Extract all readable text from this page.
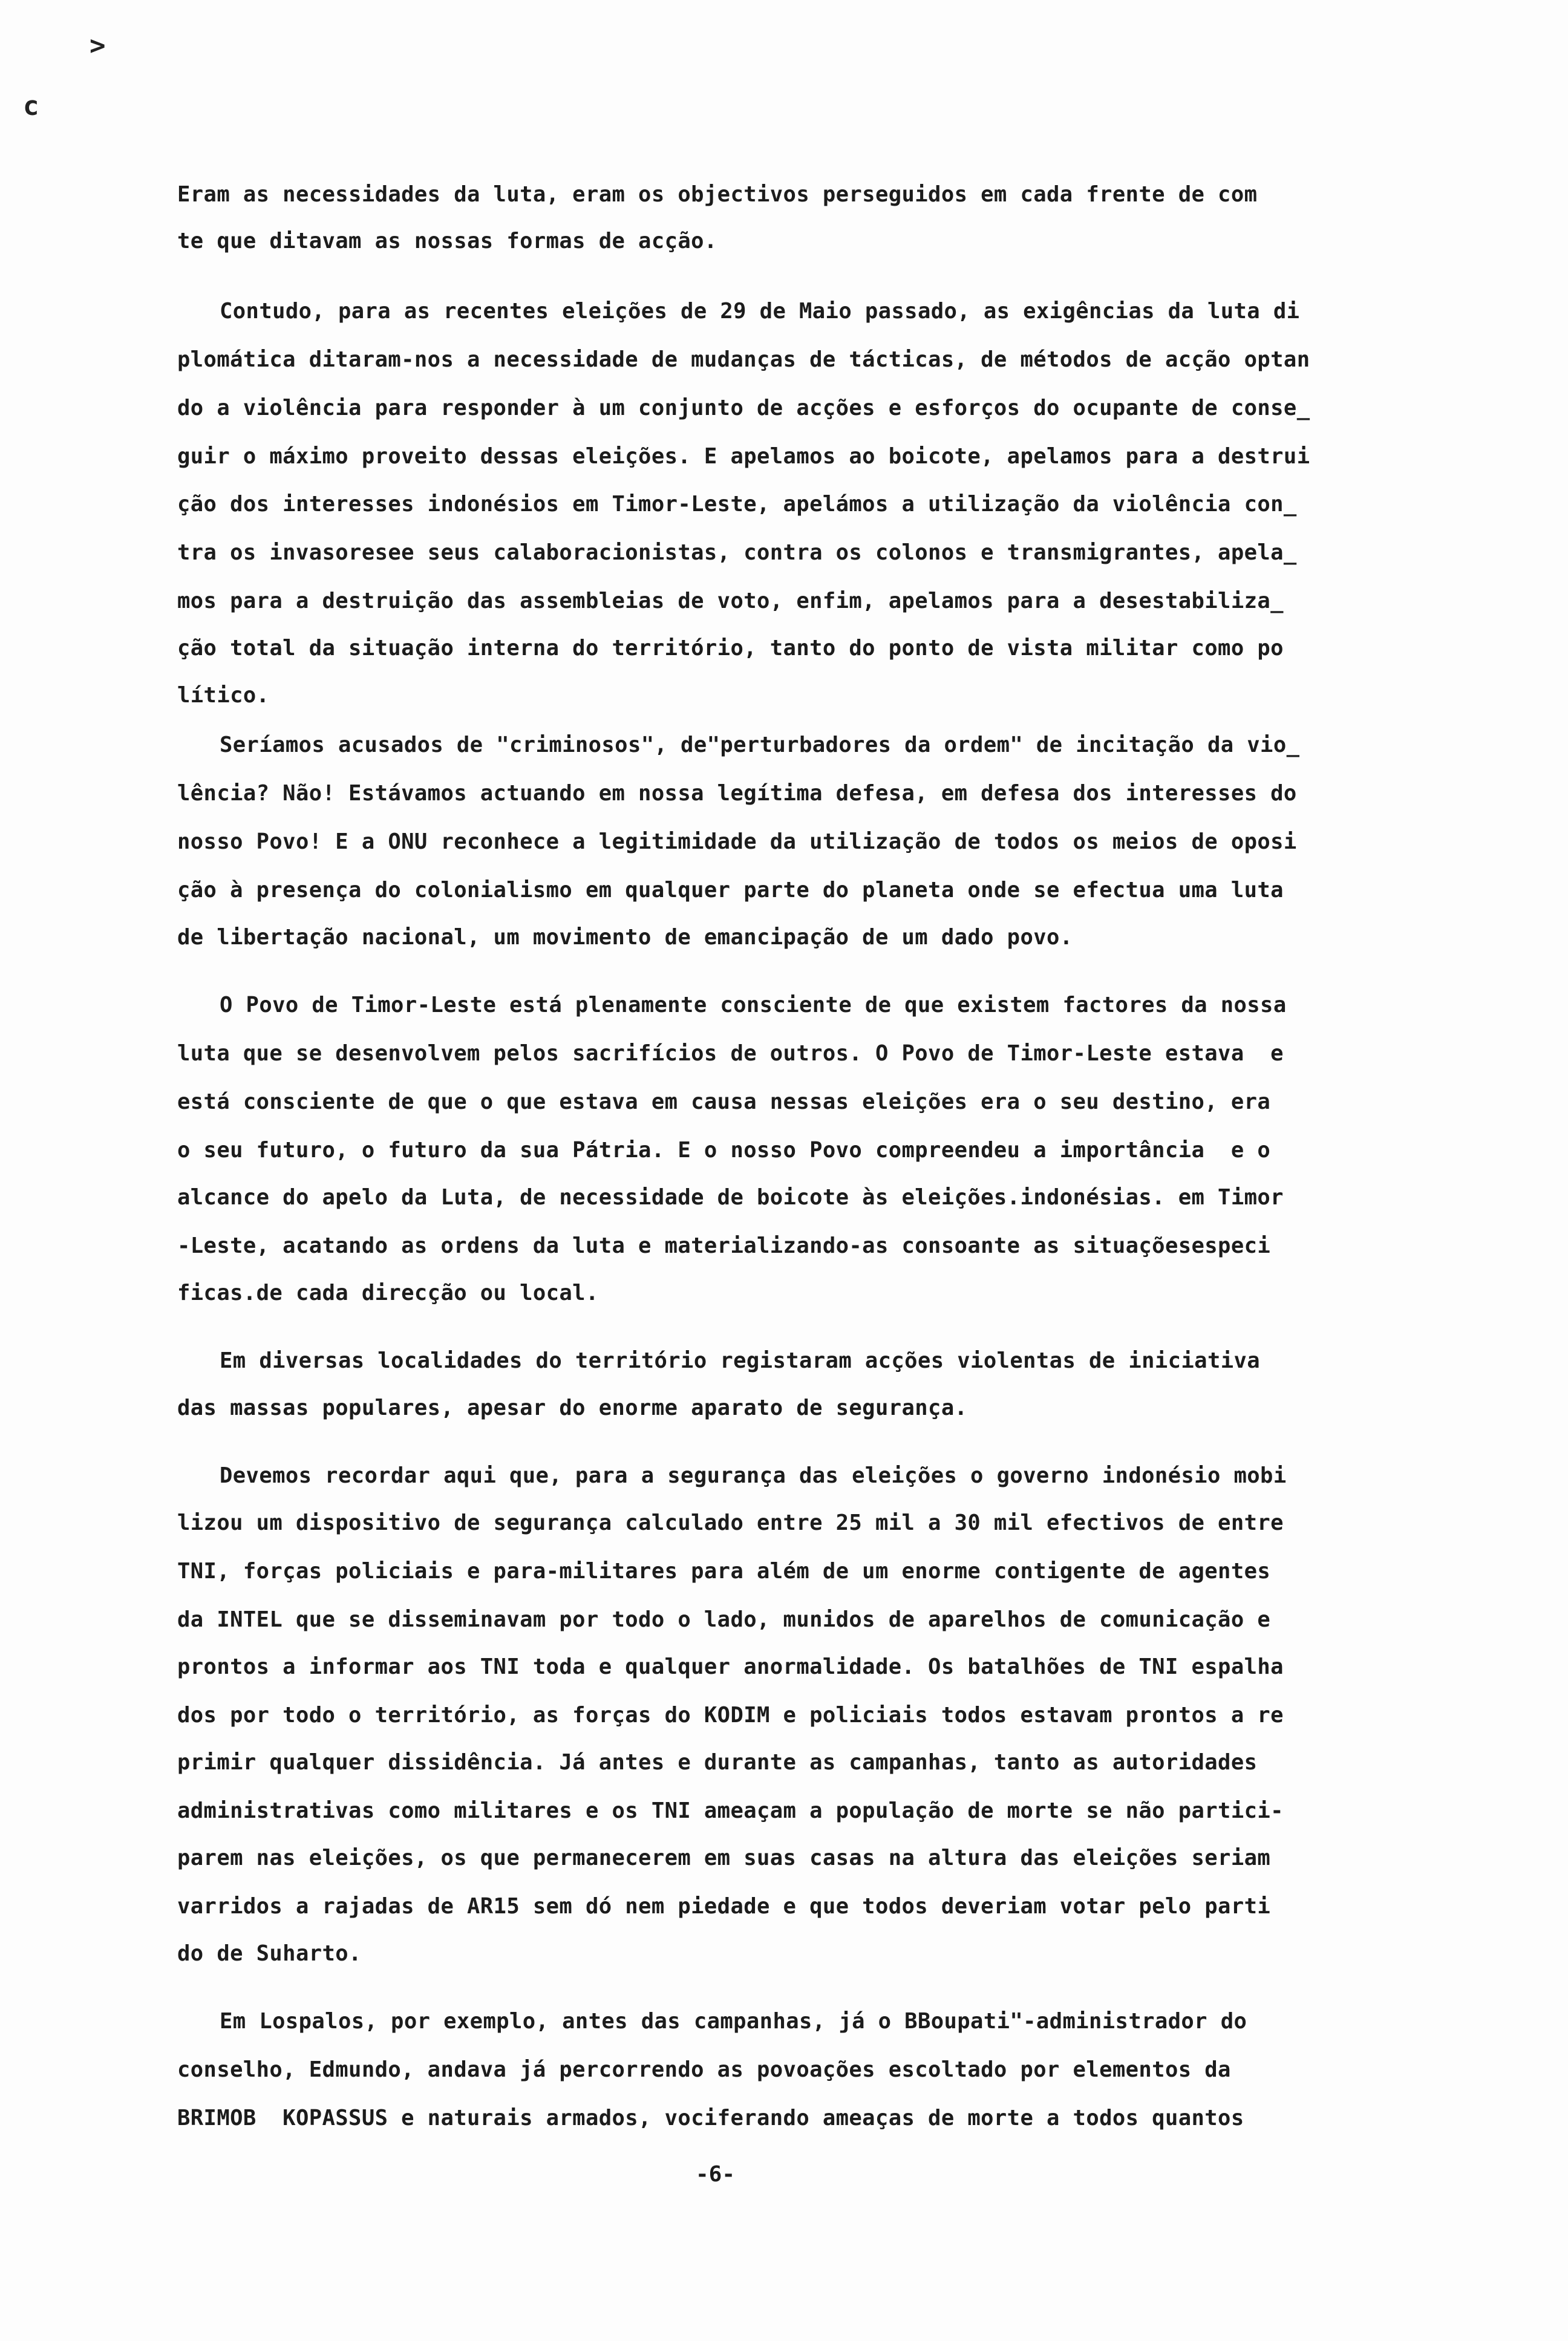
>
c
Eram as necessidades da luta, eram os objectivos perseguidos em cada frente de com
te que ditavam as nossas formas de acção.
Contudo, para as recentes eleições de 29 de Maio passado, as exigências da luta di
plomática ditaram-nos a necessidade de mudanças de tácticas, de métodos de acção optan
do a violência para responder à um conjunto de acções e esforços do ocupante de conse_
guir o máximo proveito dessas eleições. E apelamos ao boicote, apelamos para a destrui
ção dos interesses indonésios em Timor-Leste, apelámos a utilização da violência con_
tra os invasoresee seus calaboracionistas, contra os colonos e transmigrantes, apela_
mos para a destruição das assembleias de voto, enfim, apelamos para a desestabiliza_
ção total da situação interna do território, tanto do ponto de vista militar como po
lítico.
Seríamos acusados de "criminosos", de"perturbadores da ordem" de incitação da vio_
lência? Não! Estávamos actuando em nossa legítima defesa, em defesa dos interesses do
nosso Povo! E a ONU reconhece a legitimidade da utilização de todos os meios de oposi
ção à presença do colonialismo em qualquer parte do planeta onde se efectua uma luta
de libertação nacional, um movimento de emancipação de um dado povo.
O Povo de Timor-Leste está plenamente consciente de que existem factores da nossa
luta que se desenvolvem pelos sacrifícios de outros. O Povo de Timor-Leste estava  e
está consciente de que o que estava em causa nessas eleições era o seu destino, era
o seu futuro, o futuro da sua Pátria. E o nosso Povo compreendeu a importância  e o
alcance do apelo da Luta, de necessidade de boicote às eleições.indonésias. em Timor
-Leste, acatando as ordens da luta e materializando-as consoante as situaçõesespeci
ficas.de cada direcção ou local.
Em diversas localidades do território registaram acções violentas de iniciativa
das massas populares, apesar do enorme aparato de segurança.
Devemos recordar aqui que, para a segurança das eleições o governo indonésio mobi
lizou um dispositivo de segurança calculado entre 25 mil a 30 mil efectivos de entre
TNI, forças policiais e para-militares para além de um enorme contigente de agentes
da INTEL que se disseminavam por todo o lado, munidos de aparelhos de comunicação e
prontos a informar aos TNI toda e qualquer anormalidade. Os batalhões de TNI espalha
dos por todo o território, as forças do KODIM e policiais todos estavam prontos a re
primir qualquer dissidência. Já antes e durante as campanhas, tanto as autoridades
administrativas como militares e os TNI ameaçam a população de morte se não partici-
parem nas eleições, os que permanecerem em suas casas na altura das eleições seriam
varridos a rajadas de AR15 sem dó nem piedade e que todos deveriam votar pelo parti
do de Suharto.
Em Lospalos, por exemplo, antes das campanhas, já o BBoupati"-administrador do
conselho, Edmundo, andava já percorrendo as povoações escoltado por elementos da
BRIMOB  KOPASSUS e naturais armados, vociferando ameaças de morte a todos quantos
-6-
